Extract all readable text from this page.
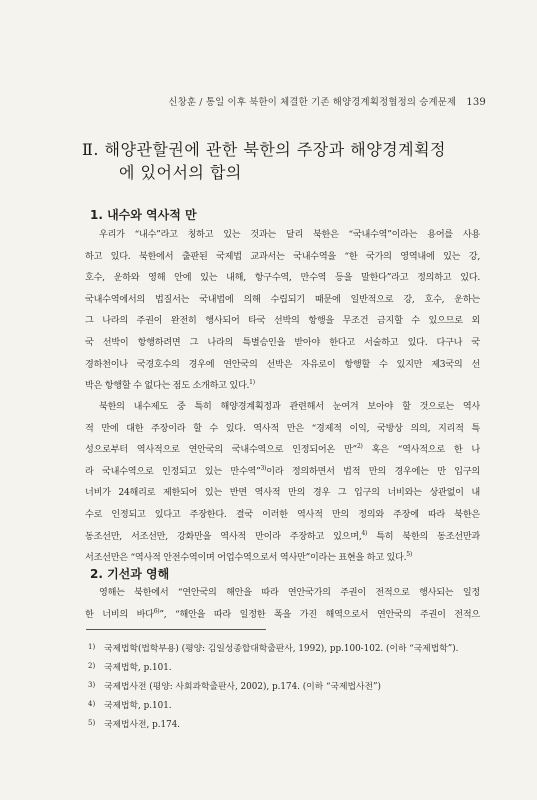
신창훈 / 통일 이후 북한이 체결한 기존 해양경계획정협정의 승계문제 139
Ⅱ. 해양관할권에 관한 북한의 주장과 해양경계획정
에 있어서의 합의
1. 내수와 역사적 만

우리가 “내수”라고 칭하고 있는 것과는 달리 북한은 “국내수역”이라는 용어를 사용
하고 있다. 북한에서 출판된 국제법 교과서는 국내수역을 “한 국가의 영역내에 있는 강,
호수, 운하와 영해 안에 있는 내해, 항구수역, 만수역 등을 말한다”라고 정의하고 있다.
국내수역에서의 법질서는 국내법에 의해 수립되기 때문에 일반적으로 강, 호수, 운하는
그 나라의 주권이 완전히 행사되어 타국 선박의 항행을 무조건 금지할 수 있으므로 외
국 선박이 항행하려면 그 나라의 특별승인을 받아야 한다고 서술하고 있다. 다구나 국
경하천이나 국경호수의 경우에 연안국의 선박은 자유로이 항행할 수 있지만 제3국의 선
박은 항행할 수 없다는 점도 소개하고 있다.$^{1)}$

북한의 내수제도 중 특히 해양경계획정과 관련해서 눈여겨 보아야 할 것으로는 역사
적 만에 대한 주장이라 할 수 있다. 역사적 만은 “경제적 이익, 국방상 의의, 지리적 특
성으로부터 역사적으로 연안국의 국내수역으로 인정되어온 만”$^{2)}$ 혹은 “역사적으로 한 나
라 국내수역으로 인정되고 있는 만수역”$^{3)}$이라 정의하면서 법적 만의 경우에는 만 입구의
너비가 24해리로 제한되어 있는 반면 역사적 만의 경우 그 입구의 너비와는 상관없이 내
수로 인정되고 있다고 주장한다. 결국 이러한 역사적 만의 정의와 주장에 따라 북한은
동조선만, 서조선만, 강화만을 역사적 만이라 주장하고 있으며,$^{4)}$ 특히 북한의 동조선만과
서조선만은 “역사적 안전수역이며 어업수역으로서 역사만”이라는 표현을 하고 있다.$^{5)}$

2. 기선과 영해

영해는 북한에서 “연안국의 해안을 따라 연안국가의 주권이 전적으로 행사되는 일정
한 너비의 바다$^{6)}$”, “해안을 따라 일정한 폭을 가진 해역으로서 연안국의 주권이 전적으

1) 국제법학(법학부용) (평양: 김일성종합대학출판사, 1992), pp.100-102. (이하 “국제법학”).
2) 국제법학, p.101.
3) 국제법사전 (평양: 사회과학출판사, 2002), p.174. (이하 “국제법사전”)
4) 국제법학, p.101.
5) 국제법사전, p.174.
